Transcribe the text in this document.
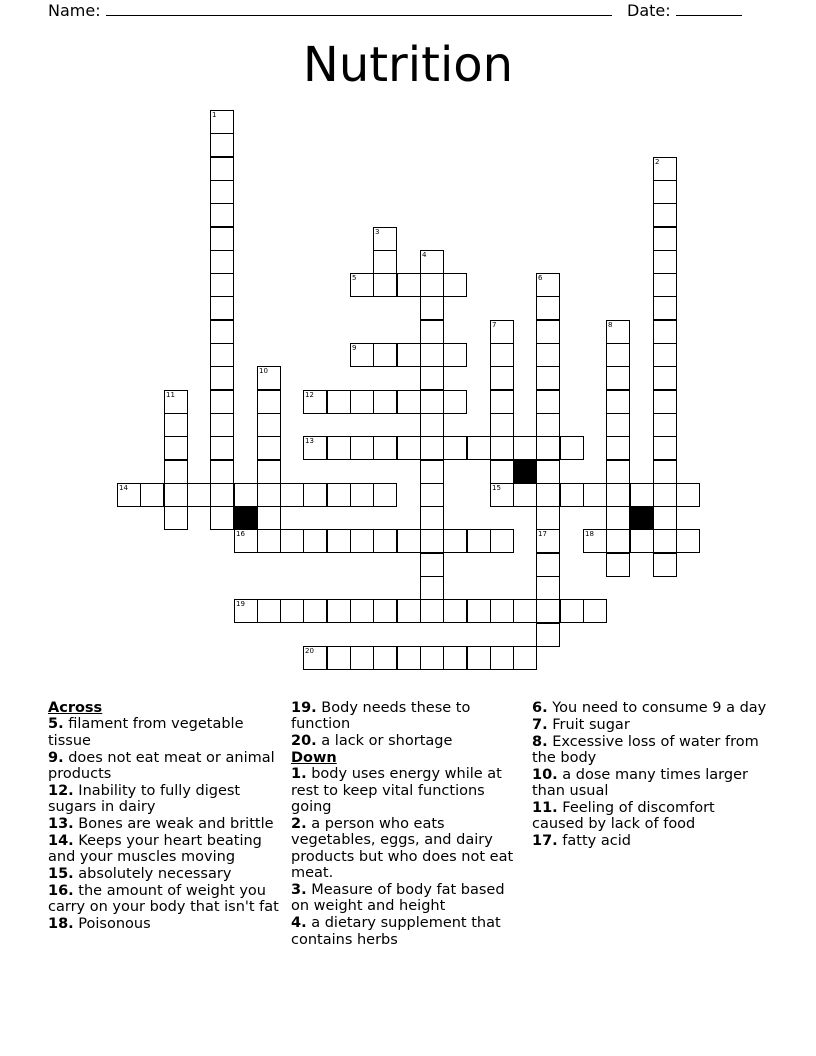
Name:	Date:
Nutrition
1
2
3
4
5	6
17
7	8
9
10
11	12
13
14	15
16	18
19
20
Across
5. filament from vegetable tissue
9. does not eat meat or animal products
12. Inability to fully digest sugars in dairy
13. Bones are weak and brittle
14. Keeps your heart beating and your muscles moving
15. absolutely necessary
16. the amount of weight you carry on your body that isn't fat
18. Poisonous
19. Body needs these to function
20. a lack or shortage
Down
1. body uses energy while at rest to keep vital functions going
2. a person who eats vegetables, eggs, and dairy products but who does not eat meat.
3. Measure of body fat based on weight and height
4. a dietary supplement that contains herbs
6. You need to consume 9 a day
7. Fruit sugar
8. Excessive loss of water from the body
10. a dose many times larger than usual
11. Feeling of discomfort caused by lack of food
17. fatty acid
